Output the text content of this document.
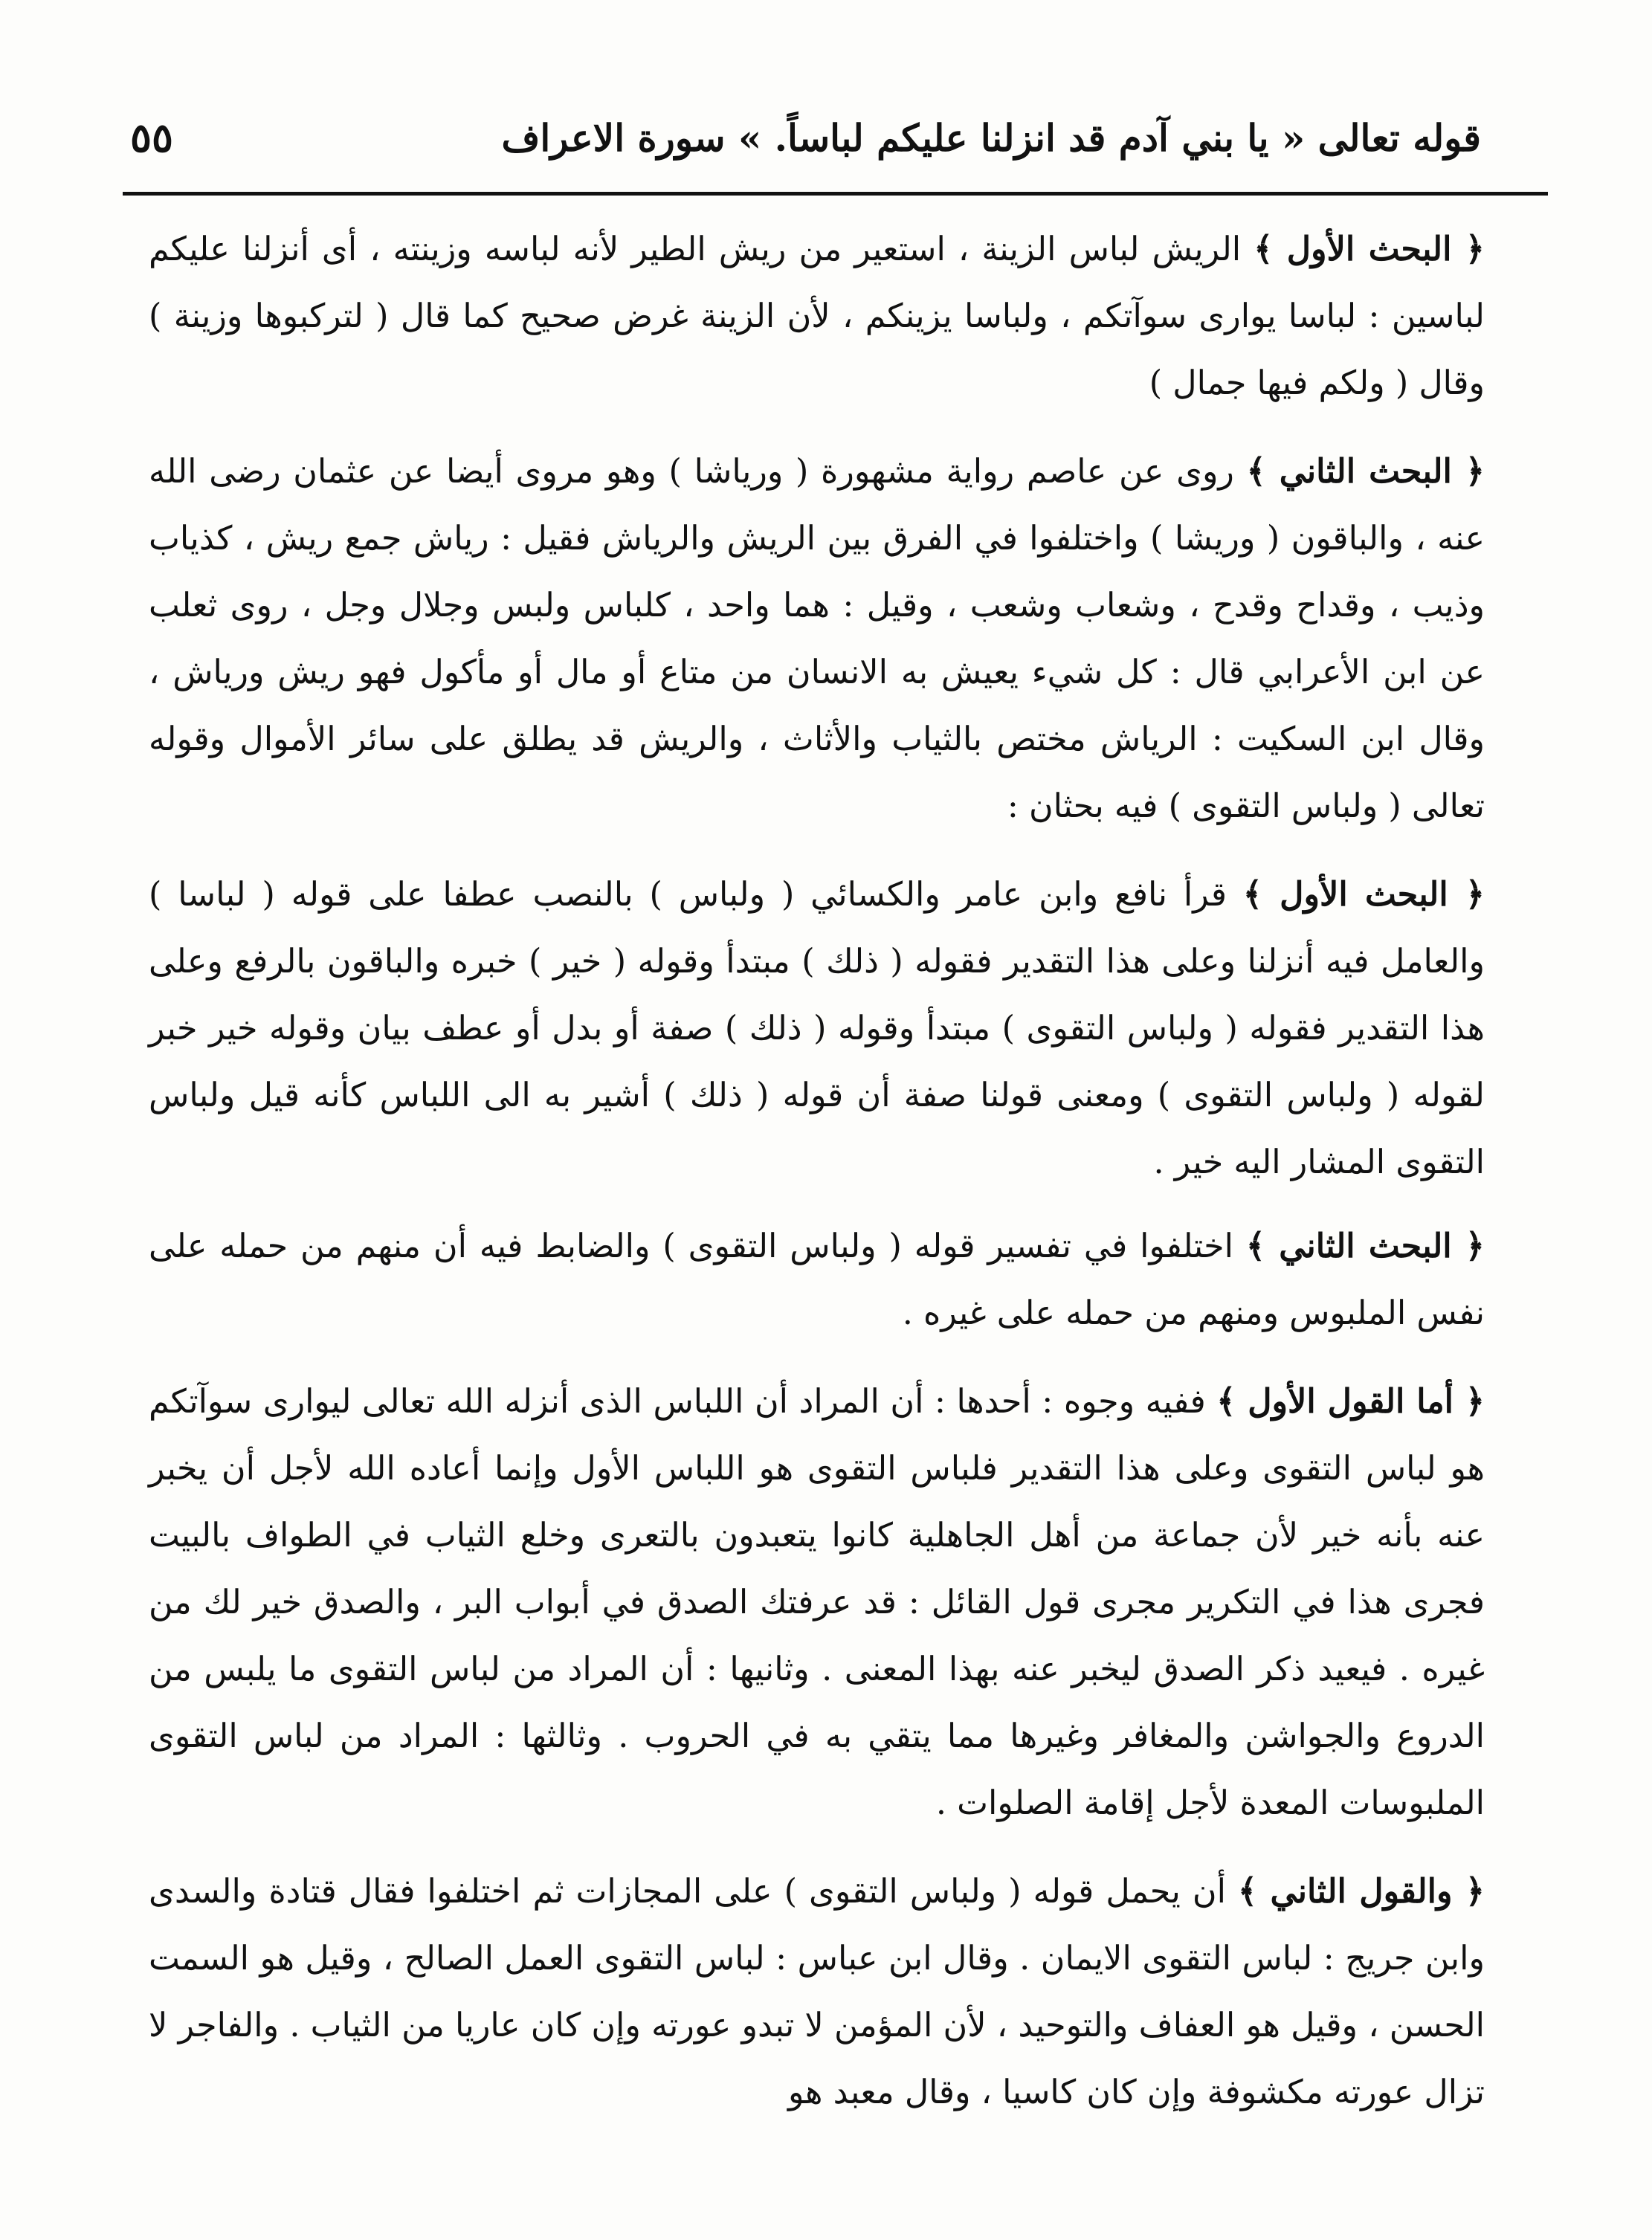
قوله تعالى « يا بني آدم قد انزلنا عليكم لباساً. » سورة الاعراف
٥٥

﴿ البحث الأول ﴾ الريش لباس الزينة ، استعير من ريش الطير لأنه لباسه وزينته ، أى أنزلنا عليكم لباسين : لباسا يوارى سوآتكم ، ولباسا يزينكم ، لأن الزينة غرض صحيح كما قال ( لتركبوها وزينة ) وقال ( ولكم فيها جمال )

﴿ البحث الثاني ﴾ روى عن عاصم رواية مشهورة ( ورياشا ) وهو مروى أيضا عن عثمان رضى الله عنه ، والباقون ( وريشا ) واختلفوا في الفرق بين الريش والرياش فقيل : رياش جمع ريش ، كذياب وذيب ، وقداح وقدح ، وشعاب وشعب ، وقيل : هما واحد ، كلباس ولبس وجلال وجل ، روى ثعلب عن ابن الأعرابي قال : كل شيء يعيش به الانسان من متاع أو مال أو مأكول فهو ريش ورياش ، وقال ابن السكيت : الرياش مختص بالثياب والأثاث ، والريش قد يطلق على سائر الأموال وقوله تعالى ( ولباس التقوى ) فيه بحثان :

﴿ البحث الأول ﴾ قرأ نافع وابن عامر والكسائي ( ولباس ) بالنصب عطفا على قوله ( لباسا ) والعامل فيه أنزلنا وعلى هذا التقدير فقوله ( ذلك ) مبتدأ وقوله ( خير ) خبره والباقون بالرفع وعلى هذا التقدير فقوله ( ولباس التقوى ) مبتدأ وقوله ( ذلك ) صفة أو بدل أو عطف بيان وقوله خير خبر لقوله ( ولباس التقوى ) ومعنى قولنا صفة أن قوله ( ذلك ) أشير به الى اللباس كأنه قيل ولباس التقوى المشار اليه خير .

﴿ البحث الثاني ﴾ اختلفوا في تفسير قوله ( ولباس التقوى ) والضابط فيه أن منهم من حمله على نفس الملبوس ومنهم من حمله على غيره .

﴿ أما القول الأول ﴾ ففيه وجوه : أحدها : أن المراد أن اللباس الذى أنزله الله تعالى ليوارى سوآتكم هو لباس التقوى وعلى هذا التقدير فلباس التقوى هو اللباس الأول وإنما أعاده الله لأجل أن يخبر عنه بأنه خير لأن جماعة من أهل الجاهلية كانوا يتعبدون بالتعرى وخلع الثياب في الطواف بالبيت فجرى هذا في التكرير مجرى قول القائل : قد عرفتك الصدق في أبواب البر ، والصدق خير لك من غيره . فيعيد ذكر الصدق ليخبر عنه بهذا المعنى . وثانيها : أن المراد من لباس التقوى ما يلبس من الدروع والجواشن والمغافر وغيرها مما يتقي به في الحروب . وثالثها : المراد من لباس التقوى الملبوسات المعدة لأجل إقامة الصلوات .

﴿ والقول الثاني ﴾ أن يحمل قوله ( ولباس التقوى ) على المجازات ثم اختلفوا فقال قتادة والسدى وابن جريج : لباس التقوى الايمان . وقال ابن عباس : لباس التقوى العمل الصالح ، وقيل هو السمت الحسن ، وقيل هو العفاف والتوحيد ، لأن المؤمن لا تبدو عورته وإن كان عاريا من الثياب . والفاجر لا تزال عورته مكشوفة وإن كان كاسيا ، وقال معبد هو
